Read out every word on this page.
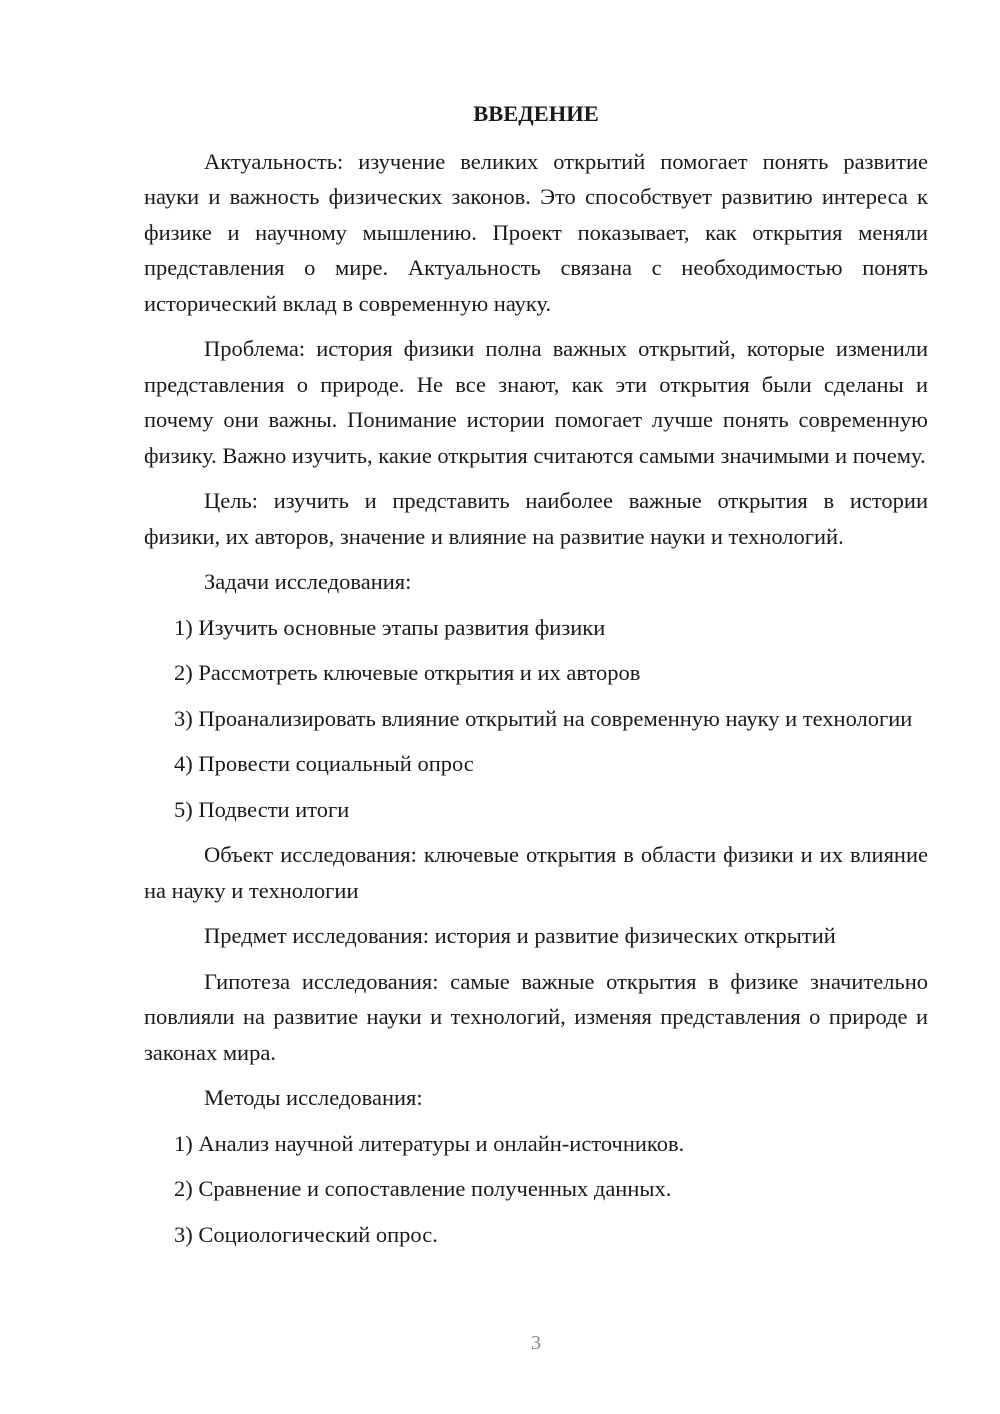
ВВЕДЕНИЕ

Актуальность: изучение великих открытий помогает понять развитие науки и важность физических законов. Это способствует развитию интереса к физике и научному мышлению. Проект показывает, как открытия меняли представления о мире. Актуальность связана с необходимостью понять исторический вклад в современную науку.

Проблема: история физики полна важных открытий, которые изменили представления о природе. Не все знают, как эти открытия были сделаны и почему они важны. Понимание истории помогает лучше понять современную физику. Важно изучить, какие открытия считаются самыми значимыми и почему.

Цель: изучить и представить наиболее важные открытия в истории физики, их авторов, значение и влияние на развитие науки и технологий.

Задачи исследования:

1) Изучить основные этапы развития физики

2) Рассмотреть ключевые открытия и их авторов

3) Проанализировать влияние открытий на современную науку и технологии

4) Провести социальный опрос

5) Подвести итоги

Объект исследования: ключевые открытия в области физики и их влияние на науку и технологии

Предмет исследования: история и развитие физических открытий

Гипотеза исследования: самые важные открытия в физике значительно повлияли на развитие науки и технологий, изменяя представления о природе и законах мира.

Методы исследования:

1) Анализ научной литературы и онлайн-источников.

2) Сравнение и сопоставление полученных данных.

3) Социологический опрос.

3
